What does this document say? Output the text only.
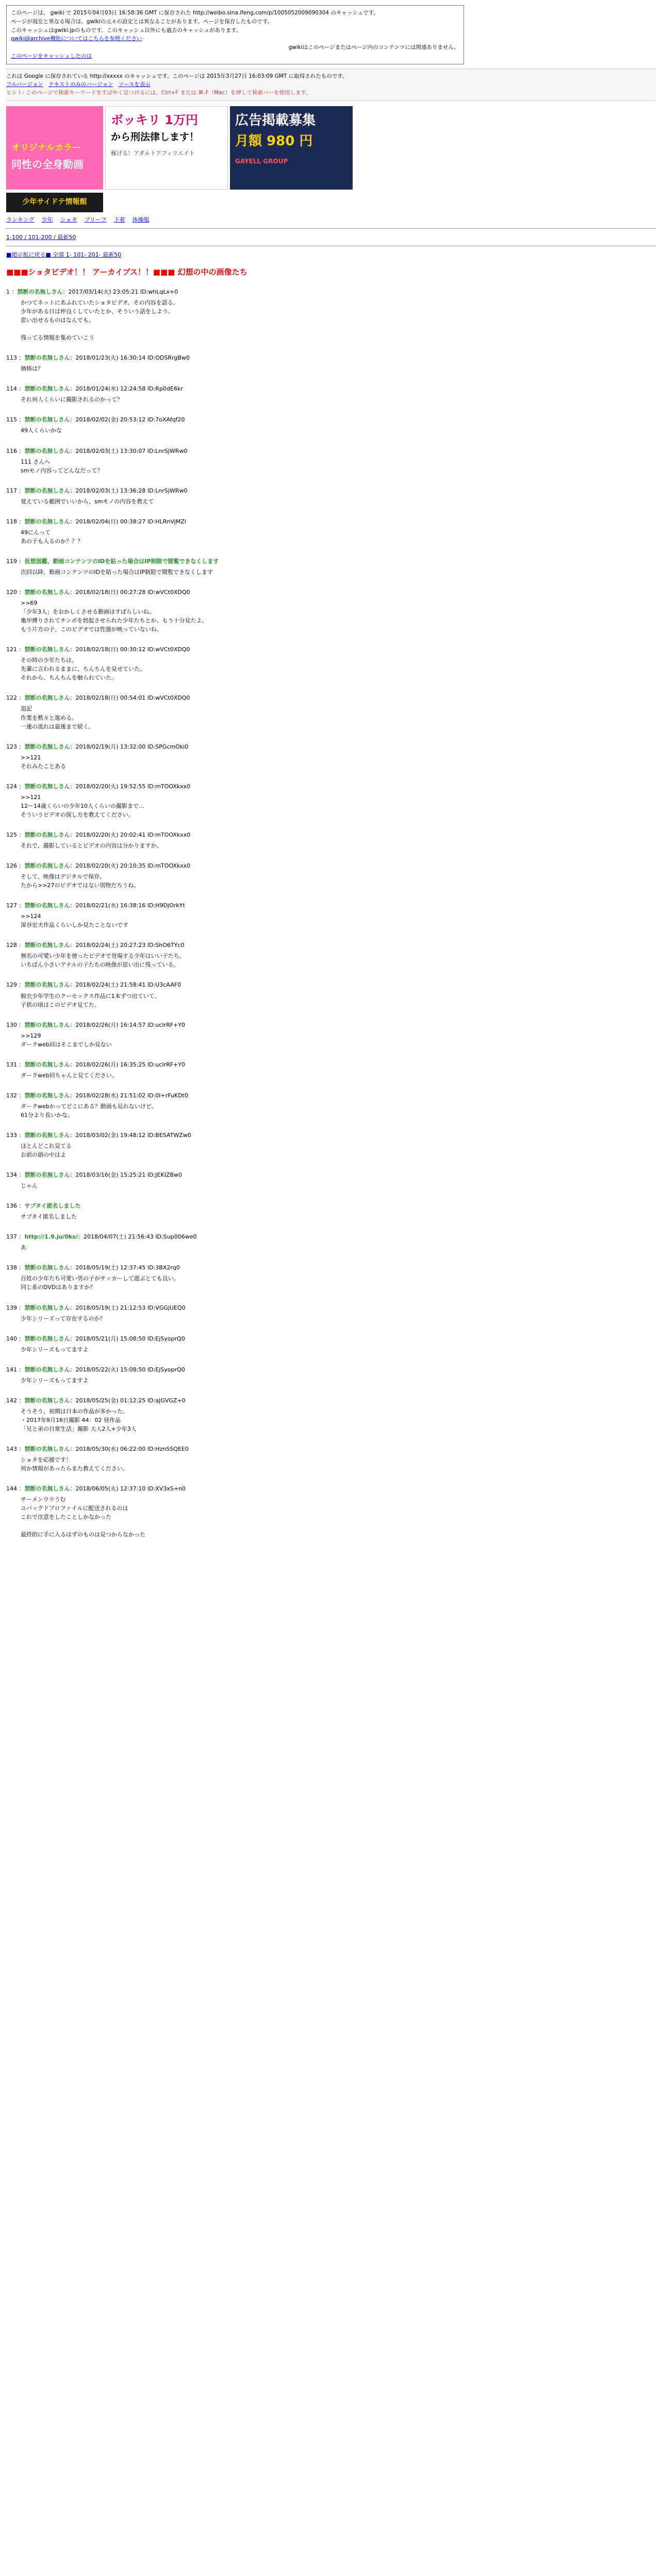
このページは、 gwiki で 2015年04月03日 16:58:36 GMT に保存された http://weibo.sina.ifeng.com/p/1005052009090304 のキャッシュです。
ページが現在と異なる場合は、gwikiの元々の設定とは異なることがあります。ページを保存したものです。
このキャッシュはgwiki.jpのものです。このキャッシュ以外にも過去のキャッシュがあります。
gwiki@archive機能についてはこちらを参照ください
gwikiはこのページまたはページ内のコンテンツには関連ありません。
このページをキャッシュしたのは
これは Google に保存されている http://xxxxx のキャッシュです。このページは 2015年3月27日 16:03:09 GMT に取得されたものです。
フルバージョン テキストのみのバージョン ソースを表示
ヒント: このページで検索キーワードをすばやく見つけるには、Ctrl+F または ⌘-F（Mac）を押して検索バーを使用します。
オリジナルカラー
同性の全身動画
ボッキリ 1万円
から刑法律します！
稼げる！アダルトアフィリエイト
広告掲載募集
月額 980 円
GAYELL GROUP
少年サイドテ情報館
ランキング 少年 ショタ ブリーフ 下着 体操服
1-100 / 101-200 / 最新50
■掲示板に戻る■ 全部 1- 101- 201- 最新50
■■■ショタビデオ！！ アーカイブス！！■■■ 幻想の中の画像たち
1 ：禁断の名無しさん：2017/03/14(火) 23:05:21 ID:whLqLx+0
かつてネットにあふれていたショタビデオ。その内容を語る。
少年がある日は仲良くしていたとか、そういう話をしよう。
思い出せるものはなんでも。

残ってる情報を集めていこう
113 ：禁断の名無しさん：2018/01/23(火) 16:30:14 ID:ODSRrgBw0
価格は？
114 ：禁断の名無しさん：2018/01/24(水) 12:24:58 ID:Rp0dE6kr
それ何人くらいに撮影されるのかって？
115 ：禁断の名無しさん：2018/02/02(金) 20:53:12 ID:7oXAfqf20
49人くらいかな
116 ：禁断の名無しさん：2018/02/03(土) 13:30:07 ID:LnrSjWRw0
111 さんへ
smモノ内容ってどんなだって？
117 ：禁断の名無しさん：2018/02/03(土) 13:36:28 ID:LnrSjWRw0
覚えている範囲でいいから、smモノの内容を教えて
118 ：禁断の名無しさん：2018/02/04(日) 00:38:27 ID:HLRnVjMZI
49にんって
あの子も入るのか？？？
119 ：仮想図鑑、動画コンテンツのIDを貼った場合はIP制限で閲覧できなくします
次回以降、動画コンテンツのIDを貼った場合はIP制限で閲覧できなくします
120 ：禁断の名無しさん：2018/02/18(日) 00:27:28 ID:wVCt0XDQ0
>>69
「少年3人」をおかしくさせる動画はすばらしいね。
亀甲縛りされてチンポを勃起させられた少年たちとか、もう十分見たよ。
もう片方の子、このビデオでは性器が映っていないね。
121 ：禁断の名無しさん：2018/02/18(日) 00:30:12 ID:wVCt0XDQ0
その時の少年たちは、
先輩に言われるままに、ちんちんを見せていた。
それから、ちんちんを触られていた。
122 ：禁断の名無しさん：2018/02/18(日) 00:54:01 ID:wVCt0XDQ0
追記
作業を黙々と進める。
一連の流れは最後まで続く。
123 ：禁断の名無しさん：2018/02/19(月) 13:32:00 ID:SPGcmOki0
>>121
それみたことある
124 ：禁断の名無しさん：2018/02/20(火) 19:52:55 ID:mTOOXkxx0
>>121
12〜14歳くらいの少年10人くらいの撮影まで…
そういうビデオの探し方を教えてください。
125 ：禁断の名無しさん：2018/02/20(火) 20:02:41 ID:mTOOXkxx0
それで、撮影しているとビデオの内容は分かりますか。
126 ：禁断の名無しさん：2018/02/20(火) 20:10:35 ID:mTOOXkxx0
そして、映像はデジタルで保存。
たから>>27のビデオではない別物だろうね。
127 ：禁断の名無しさん：2018/02/21(水) 16:38:16 ID:H9DjOrkYt
>>124
深谷宏夫作品くらいしか見たことないです
128 ：禁断の名無しさん：2018/02/24(土) 20:27:23 ID:ShO6TYc0
無名の可愛い少年を使ったビデオで登場する少年はいい子たち。
いちばん小さいアナルの子たちの映像が思い出に残っている。
129 ：禁断の名無しさん：2018/02/24(土) 21:58:41 ID:U3cAAF0
脱衣少年学生のクーセックス作品に1本ずつ出ていて、
子供の頃はこのビデオ見てた。
130 ：禁断の名無しさん：2018/02/26(月) 16:14:57 ID:ucIrRF+Y0
>>129
ダークweb回はそこまでしか見ない
131 ：禁断の名無しさん：2018/02/26(月) 16:35:25 ID:ucIrRF+Y0
ダークweb回ちゃんと見てください。
132 ：禁断の名無しさん：2018/02/28(水) 21:51:02 ID:0I+rFuKDt0
ダークwebかってどこにある？動画も見れないけど。
61分より長いかな。
133 ：禁断の名無しさん：2018/03/02(金) 19:48:12 ID:BESATWZw0
ほとんどこれ見てる
お前の頭の中はよ
134 ：禁断の名無しさん：2018/03/16(金) 15:25:21 ID:JEKIZBw0
じゃん
136 ：サブタイ匿名しました
サブタイ匿名しました
137 ：http://1.9.ju/0ks/：2018/04/07(土) 21:56:43 ID:Sup006we0
あ
138 ：禁断の名無しさん：2018/05/19(土) 12:37:45 ID:3BX2rq0
百姓の少年たち可愛い男の子がサッカーして遊ぶとても良い。
同じ系のDVDはありますか？
139 ：禁断の名無しさん：2018/05/19(土) 21:12:53 ID:VGGjUEQ0
少年シリーズって存在するのか？
140 ：禁断の名無しさん：2018/05/21(月) 15:08:50 ID:EjSyoprQ0
少年シリーズもってますよ
141 ：禁断の名無しさん：2018/05/22(火) 15:08:50 ID:EjSyoprQ0
少年シリーズもってますよ
142 ：禁断の名無しさん：2018/05/25(金) 01:12:25 ID:aJGVGZ+0
そうそう、初期は日本の作品が多かった。
・2017年9月16日撮影 44：02 昼作品
「兄と弟の日常生活」撮影 大人2人+少年3人
143 ：禁断の名無しさん：2018/05/30(水) 06:22:00 ID:HznSSQEE0
ショタを応援です！
何か情報があったらまた教えてください。
144 ：禁断の名無しさん：2018/06/05(火) 12:37:10 ID:XV3xS+n0
サーメンウラうむ
ユバックドプロファイルに配送されるのは
これで注意をしたことしかなかった

最終的に手に入るはずのものは見つからなかった
